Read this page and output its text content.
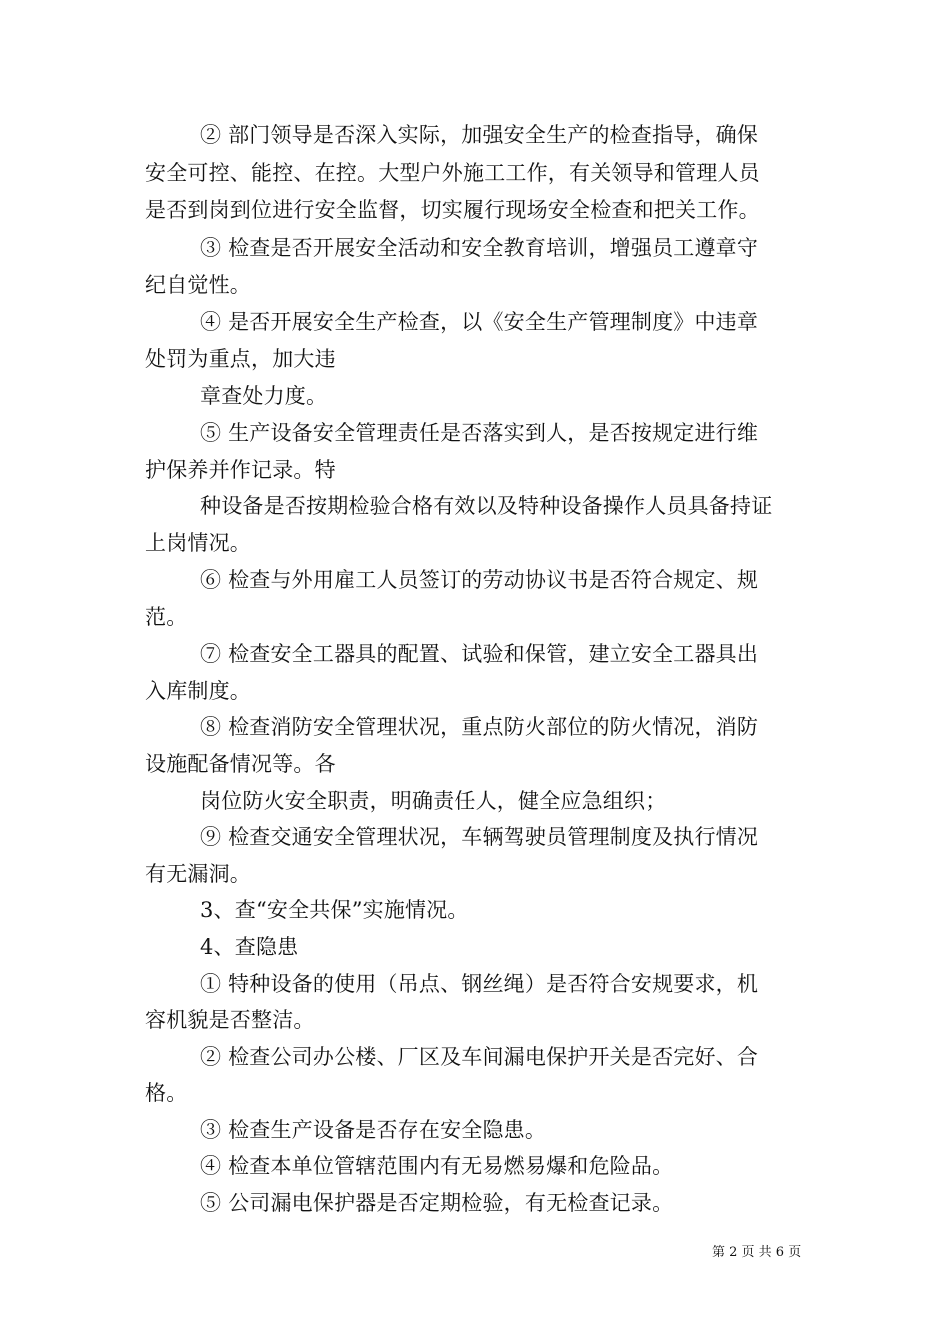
② 部门领导是否深入实际，加强安全生产的检查指导，确保
安全可控、能控、在控。大型户外施工工作，有关领导和管理人员
是否到岗到位进行安全监督，切实履行现场安全检查和把关工作。
③ 检查是否开展安全活动和安全教育培训，增强员工遵章守
纪自觉性。
④ 是否开展安全生产检查，以《安全生产管理制度》中违章
处罚为重点，加大违
章查处力度。
⑤ 生产设备安全管理责任是否落实到人，是否按规定进行维
护保养并作记录。特
种设备是否按期检验合格有效以及特种设备操作人员具备持证
上岗情况。
⑥ 检查与外用雇工人员签订的劳动协议书是否符合规定、规
范。
⑦ 检查安全工器具的配置、试验和保管，建立安全工器具出
入库制度。
⑧ 检查消防安全管理状况，重点防火部位的防火情况，消防
设施配备情况等。各
岗位防火安全职责，明确责任人，健全应急组织；
⑨ 检查交通安全管理状况，车辆驾驶员管理制度及执行情况
有无漏洞。
3、查“安全共保”实施情况。
4、查隐患
① 特种设备的使用（吊点、钢丝绳）是否符合安规要求，机
容机貌是否整洁。
② 检查公司办公楼、厂区及车间漏电保护开关是否完好、合
格。
③ 检查生产设备是否存在安全隐患。
④ 检查本单位管辖范围内有无易燃易爆和危险品。
⑤ 公司漏电保护器是否定期检验，有无检查记录。
第 2 页 共 6 页
